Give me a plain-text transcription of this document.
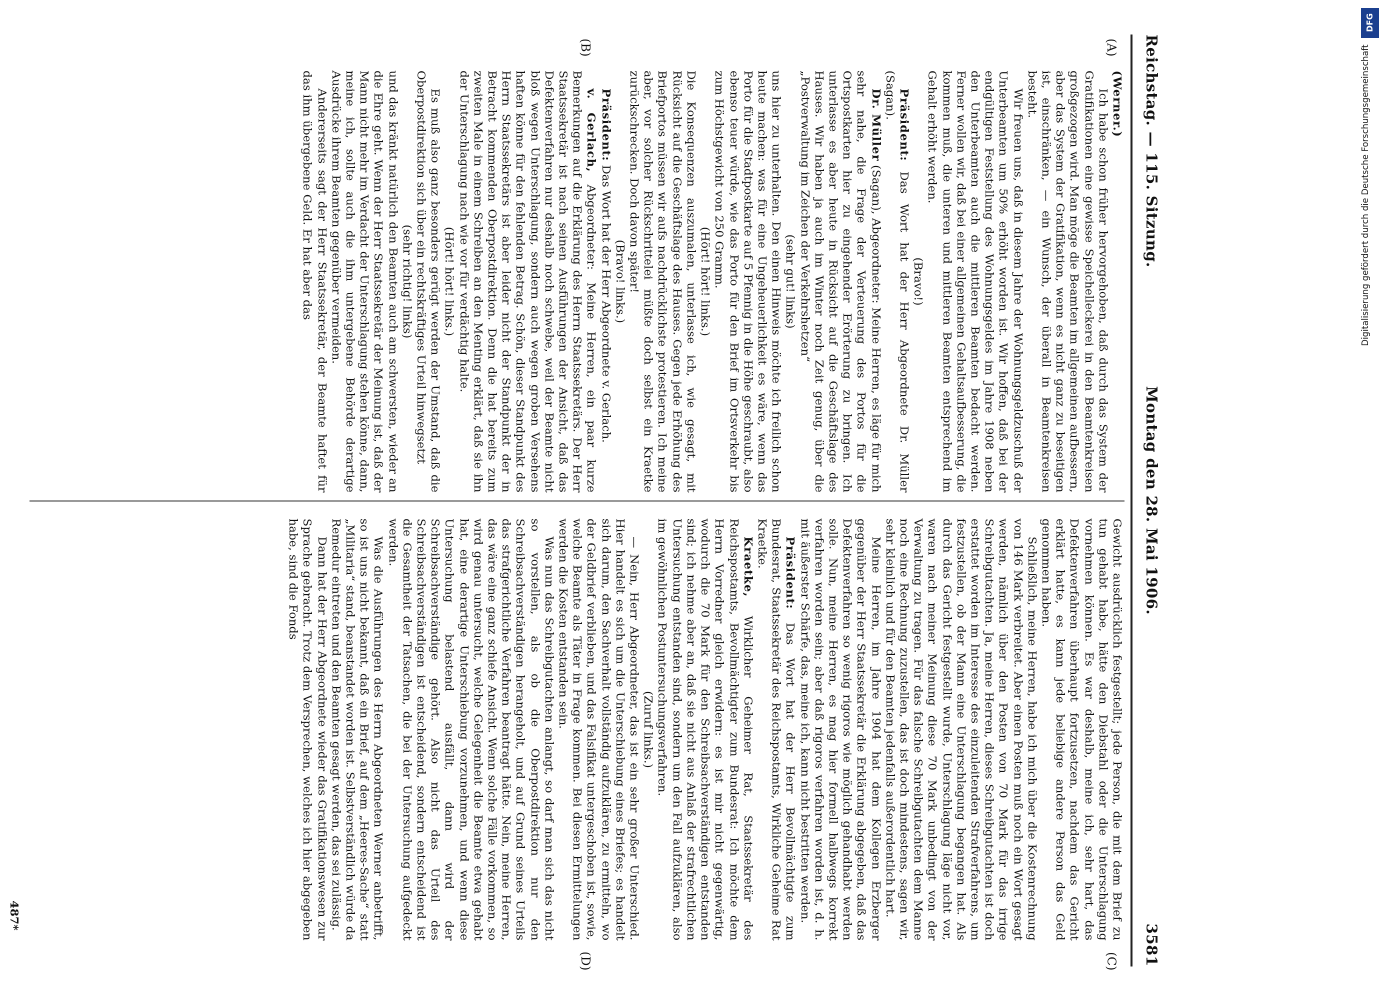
Reichstag. — 115. Sitzung.
Montag den 28. Mai 1906.
3581
(A)
(B)
(C)
(D)

(Werner.)

Ich habe schon früher hervorgehoben, daß durch das System der Gratifikationen eine gewisse Speichelleckerei in den Beamtenkreisen großgezogen wird. Man möge die Beamten im allgemeinen aufbessern, aber das System der Gratifikation, wenn es nicht ganz zu beseitigen ist, einschränken, — ein Wunsch, der überall in Beamtenkreisen besteht.

Wir freuen uns, daß in diesem Jahre der Wohnungsgeldzuschuß der Unterbeamten um 50% erhöht worden ist. Wir hoffen, daß bei der endgültigen Feststellung des Wohnungsgeldes im Jahre 1908 neben den Unterbeamten auch die mittleren Beamten bedacht werden. Ferner wollen wir, daß bei einer allgemeinen Gehaltsaufbesserung, die kommen muß, die unteren und mittleren Beamten entsprechend im Gehalt erhöht werden.

(Bravo!)

Präsident: Das Wort hat der Herr Abgeordnete Dr. Müller (Sagan).

Dr. Müller (Sagan), Abgeordneter: Meine Herren, es läge für mich sehr nahe, die Frage der Verteuerung des Portos für die Ortspostkarten hier zu eingehender Erörterung zu bringen. Ich unterlasse es aber heute in Rücksicht auf die Geschäftslage des Hauses. Wir haben ja auch im Winter noch Zeit genug, über die „Postverwaltung im Zeichen der Verkehrshetzen“

(sehr gut! links)

uns hier zu unterhalten. Den einen Hinweis möchte ich freilich schon heute machen: was für eine Ungeheuerlichkeit es wäre, wenn das Porto für die Stadtpostkarte auf 5 Pfennig in die Höhe geschraubt, also ebenso teuer würde, wie das Porto für den Brief im Ortsverkehr bis zum Höchstgewicht von 250 Gramm.

(Hört! hört! links.)

Die Konsequenzen auszumalen, unterlasse ich, wie gesagt, mit Rücksicht auf die Geschäftslage des Hauses. Gegen jede Erhöhung des Briefportos müssen wir aufs nachdrücklichste protestieren. Ich meine aber, vor solcher Rückschrittelei müßte doch selbst ein Kraetke zurückschrecken. Doch davon später!

(Bravo! links.)

Präsident: Das Wort hat der Herr Abgeordnete v. Gerlach.

v. Gerlach, Abgeordneter: Meine Herren, ein paar kurze Bemerkungen auf die Erklärung des Herrn Staatssekretärs. Der Herr Staatssekretär ist nach seinen Ausführungen der Ansicht, daß das Defektenverfahren nur deshalb noch schwebe, weil der Beamte nicht bloß wegen Unterschlagung, sondern auch wegen groben Versehens haften könne für den fehlenden Betrag. Schön, dieser Standpunkt des Herrn Staatssekretärs ist aber leider nicht der Standpunkt der in Betracht kommenden Oberpostdirektion. Denn die hat bereits zum zweiten Male in einem Schreiben an den Menting erklärt, daß sie ihn der Unterschlagung nach wie vor für verdächtig halte.

(Hört! hört! links.)

Es muß also ganz besonders gerügt werden der Umstand, daß die Oberpostdirektion sich über ein rechtskräftiges Urteil hinwegsetzt

(sehr richtig! links)

und das kränkt natürlich den Beamten auch am schwersten, wieder an die Ehre geht. Wenn der Herr Staatssekretär der Meinung ist, daß der Mann nicht mehr im Verdacht der Unterschlagung stehen könne, dann, meine ich, sollte auch die ihm untergebene Behörde derartige Ausdrücke ihrem Beamten gegenüber vermeiden.

Andererseits sagt der Herr Staatssekretär, der Beamte haftet für das ihm übergebene Geld. Er hat aber das

Gewicht ausdrücklich festgestellt; jede Person, die mit dem Brief zu tun gehabt habe, hätte den Diebstahl oder die Unterschlagung vornehmen können. Es war deshalb, meine ich, sehr hart, das Defektenverfahren überhaupt fortzusetzen, nachdem das Gericht erklärt hatte, es kann jede beliebige andere Person das Geld genommen haben.

Schließlich, meine Herren, habe ich mich über die Kostenrechnung von 146 Mark verbreitet. Aber einen Posten muß noch ein Wort gesagt werden, nämlich über den Posten von 70 Mark für das irrige Schreibgutachten. Ja, meine Herren, dieses Schreibgutachten ist doch erstattet worden im Interesse des einzuleitenden Strafverfahrens, um festzustellen, ob der Mann eine Unterschlagung begangen hat. Als durch das Gericht festgestellt wurde, Unterschlagung läge nicht vor, waren nach meiner Meinung diese 70 Mark unbedingt von der Verwaltung zu tragen. Für das falsche Schreibgutachten dem Manne noch eine Rechnung zuzustellen, das ist doch mindestens, sagen wir, sehr kleinlich und für den Beamten jedenfalls außerordentlich hart.

Meine Herren, im Jahre 1904 hat dem Kollegen Erzberger gegenüber der Herr Staatssekretär die Erklärung abgegeben, daß das Defektenverfahren so wenig rigoros wie möglich gehandhabt werden solle. Nun, meine Herren, es mag hier formell halbwegs korrekt verfahren worden sein; aber daß rigoros verfahren worden ist, d. h. mit äußerster Schärfe, das, meine ich, kann nicht bestritten werden.

Präsident: Das Wort hat der Herr Bevollmächtigte zum Bundesrat, Staatssekretär des Reichspostamts, Wirkliche Geheime Rat Kraetke.

Kraetke, Wirklicher Geheimer Rat, Staatssekretär des Reichspostamts, Bevollmächtigter zum Bundesrat: Ich möchte dem Herrn Vorredner gleich erwidern: es ist mir nicht gegenwärtig, wodurch die 70 Mark für den Schreibsachverständigen entstanden sind; ich nehme aber an, daß sie nicht aus Anlaß der strafrechtlichen Untersuchung entstanden sind, sondern um den Fall aufzuklären, also im gewöhnlichen Postuntersuchungsverfahren.

(Zuruf links.)

— Nein, Herr Abgeordneter, das ist ein sehr großer Unterschied. Hier handelt es sich um die Unterschiebung eines Briefes; es handelt sich darum, den Sachverhalt vollständig aufzuklären, zu ermitteln, wo der Geldbrief verblieben, und das Falsifikat untergeschoben ist, sowie, welche Beamte als Täter in Frage kommen. Bei diesen Ermittelungen werden die Kosten entstanden sein.

Was nun das Schreibgutachten anlangt, so darf man sich das nicht so vorstellen, als ob die Oberpostdirektion nur den Schreibsachverständigen herangeholt, und auf Grund seines Urteils das strafgerichtliche Verfahren beantragt hätte. Nein, meine Herren, das wäre eine ganz schiefe Ansicht. Wenn solche Fälle vorkommen, so wird genau untersucht, welche Gelegenheit die Beamte etwa gehabt hat, eine derartige Unterschiebung vorzunehmen, und wenn diese Untersuchung belastend ausfällt, dann wird der Schreibsachverständige gehört. Also nicht das Urteil des Schreibsachverständigen ist entscheidend, sondern entscheidend ist die Gesamtheit der Tatsachen, die bei der Untersuchung aufgedeckt werden.

Was die Ausführungen des Herrn Abgeordneten Werner anbetrifft, so ist uns nicht bekannt, daß ein Brief, auf dem „Heeres-Sache“ statt „Militaria“ stand, beanstandet worden ist. Selbstverständlich würde da Remedur eintreten und den Beamten gesagt werden, das sei zulässig.

Dann hat der Herr Abgeordnete wieder das Gratifikationswesen zur Sprache gebracht. Trotz dem Versprechen, welches ich hier abgegeben habe, sind die Fonds

487*
DFG
Digitalisierung gefördert durch die Deutsche Forschungsgemeinschaft
